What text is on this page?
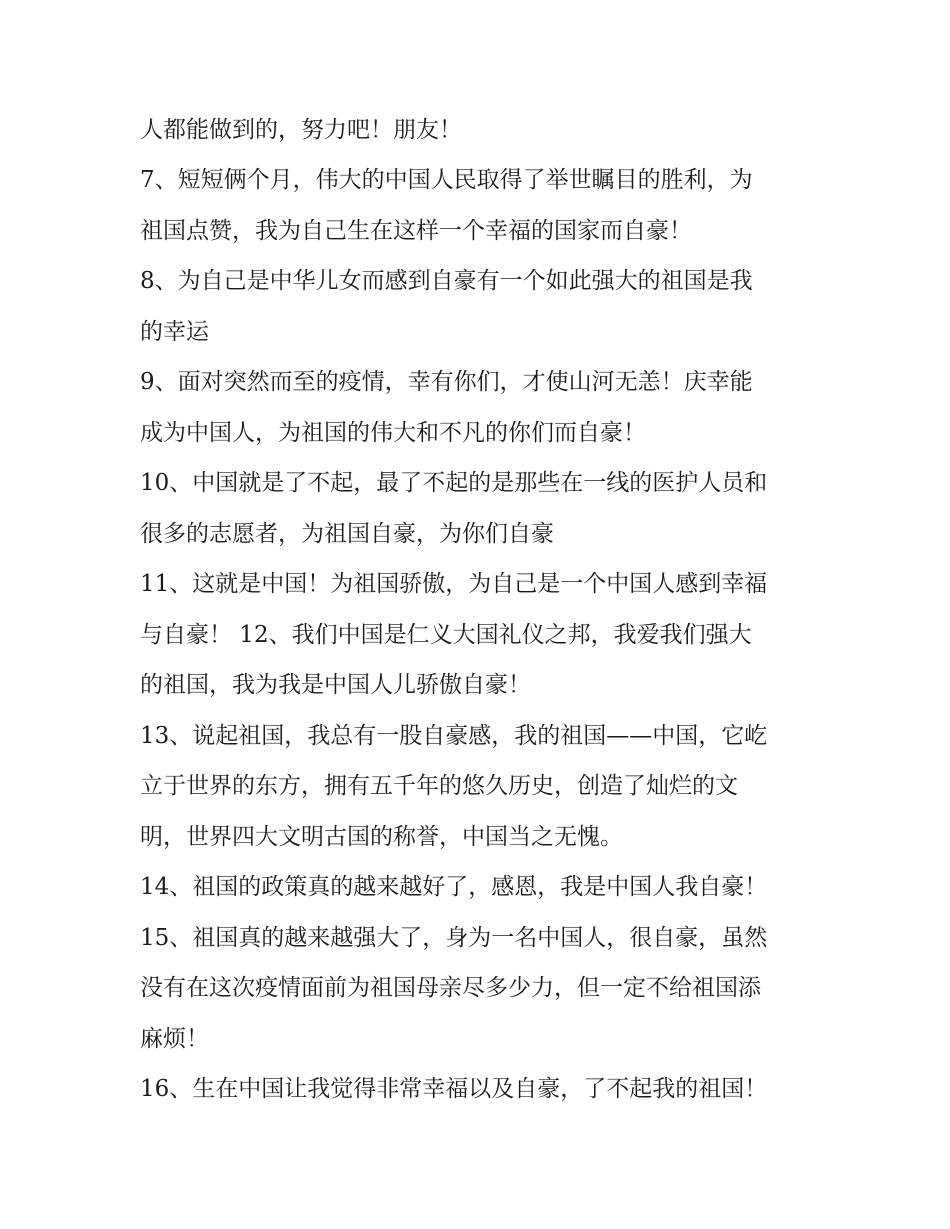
人都能做到的，努力吧！朋友！
7、短短俩个月，伟大的中国人民取得了举世瞩目的胜利，为
祖国点赞，我为自己生在这样一个幸福的国家而自豪！
8、为自己是中华儿女而感到自豪有一个如此强大的祖国是我
的幸运
9、面对突然而至的疫情，幸有你们，才使山河无恙！庆幸能
成为中国人，为祖国的伟大和不凡的你们而自豪！
10、中国就是了不起，最了不起的是那些在一线的医护人员和
很多的志愿者，为祖国自豪，为你们自豪
11、这就是中国！为祖国骄傲，为自己是一个中国人感到幸福
与自豪！ 12、我们中国是仁义大国礼仪之邦，我爱我们强大
的祖国，我为我是中国人儿骄傲自豪！
13、说起祖国，我总有一股自豪感，我的祖国——中国，它屹
立于世界的东方，拥有五千年的悠久历史，创造了灿烂的文
明，世界四大文明古国的称誉，中国当之无愧。
14、祖国的政策真的越来越好了，感恩，我是中国人我自豪！
15、祖国真的越来越强大了，身为一名中国人，很自豪，虽然
没有在这次疫情面前为祖国母亲尽多少力，但一定不给祖国添
麻烦！
16、生在中国让我觉得非常幸福以及自豪，了不起我的祖国！
